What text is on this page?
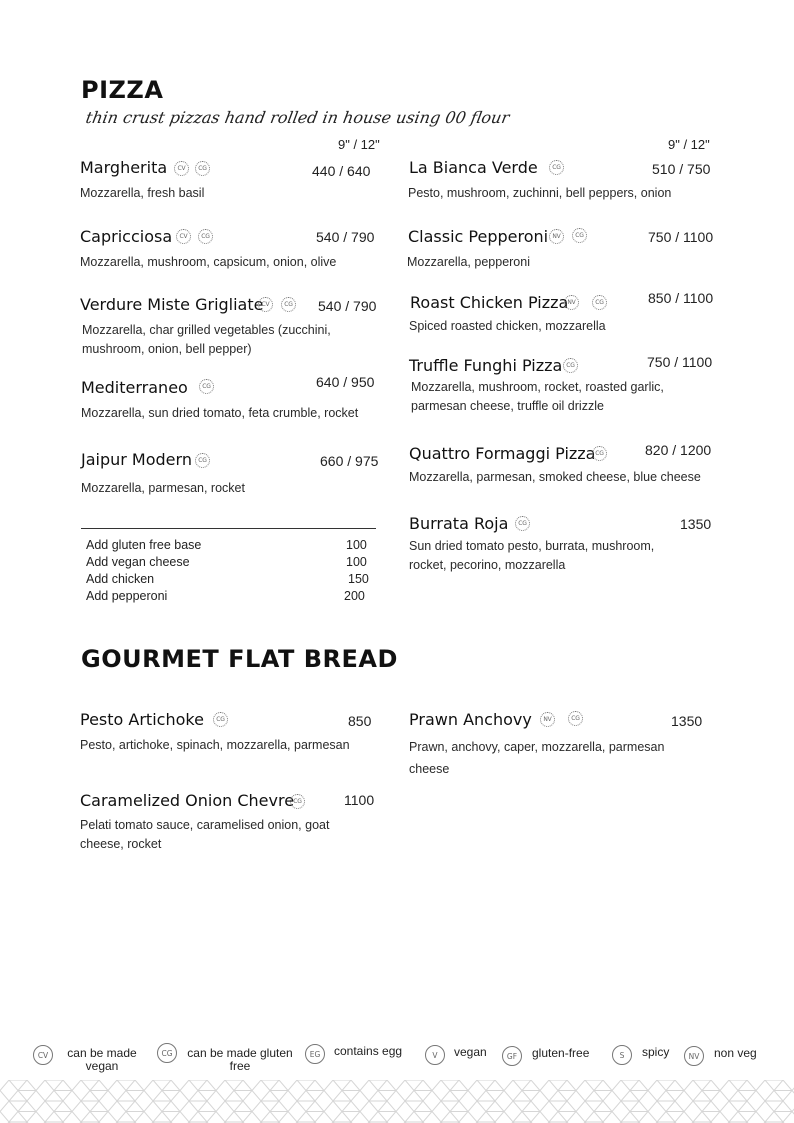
PIZZA
thin crust pizzas hand rolled in house using 00 flour
9" / 12"	9" / 12"
Margherita	CV	CG	440 / 640
Mozzarella, fresh basil
Capricciosa	CV	CG	540 / 790
Mozzarella, mushroom, capsicum, onion, olive
Verdure Miste Grigliate
CV	CG 540 / 790
Mozzarella, char grilled vegetables (zucchini, mushroom, onion, bell pepper)
Mediterraneo	CG	640 / 950
Mozzarella, sun dried tomato, feta crumble, rocket
Jaipur Modern	CG	660 / 975
Mozzarella, parmesan, rocket
Add gluten free base	100
Add vegan cheese	100
Add chicken	150
Add pepperoni	200
La Bianca Verde	CG	510 / 750
Pesto, mushroom, zuchinni, bell peppers, onion
Classic Pepperoni NV	CG	750 / 1100
Mozzarella, pepperoni
Roast Chicken Pizza NV	CG	850 / 1100
Spiced roasted chicken, mozzarella
Truffle Funghi Pizza CG	750 / 1100
Mozzarella, mushroom, rocket, roasted garlic, parmesan cheese, truffle oil drizzle
Quattro Formaggi Pizza CG	820 / 1200
Mozzarella, parmesan, smoked cheese, blue cheese
Burrata Roja	CG	1350
Sun dried tomato pesto, burrata, mushroom, rocket, pecorino, mozzarella
GOURMET FLAT BREAD
Pesto Artichoke	CG	850
Pesto, artichoke, spinach, mozzarella, parmesan
Prawn Anchovy	NV	CG	1350
Prawn, anchovy, caper, mozzarella, parmesan cheese
Caramelized Onion Chevre CG	1100
Pelati tomato sauce, caramelised onion, goat cheese, rocket
CV	can be made vegan
CG	can be made gluten free
EG	contains egg	V	vegan	GF	gluten-free	S	spicy	NV	non veg
